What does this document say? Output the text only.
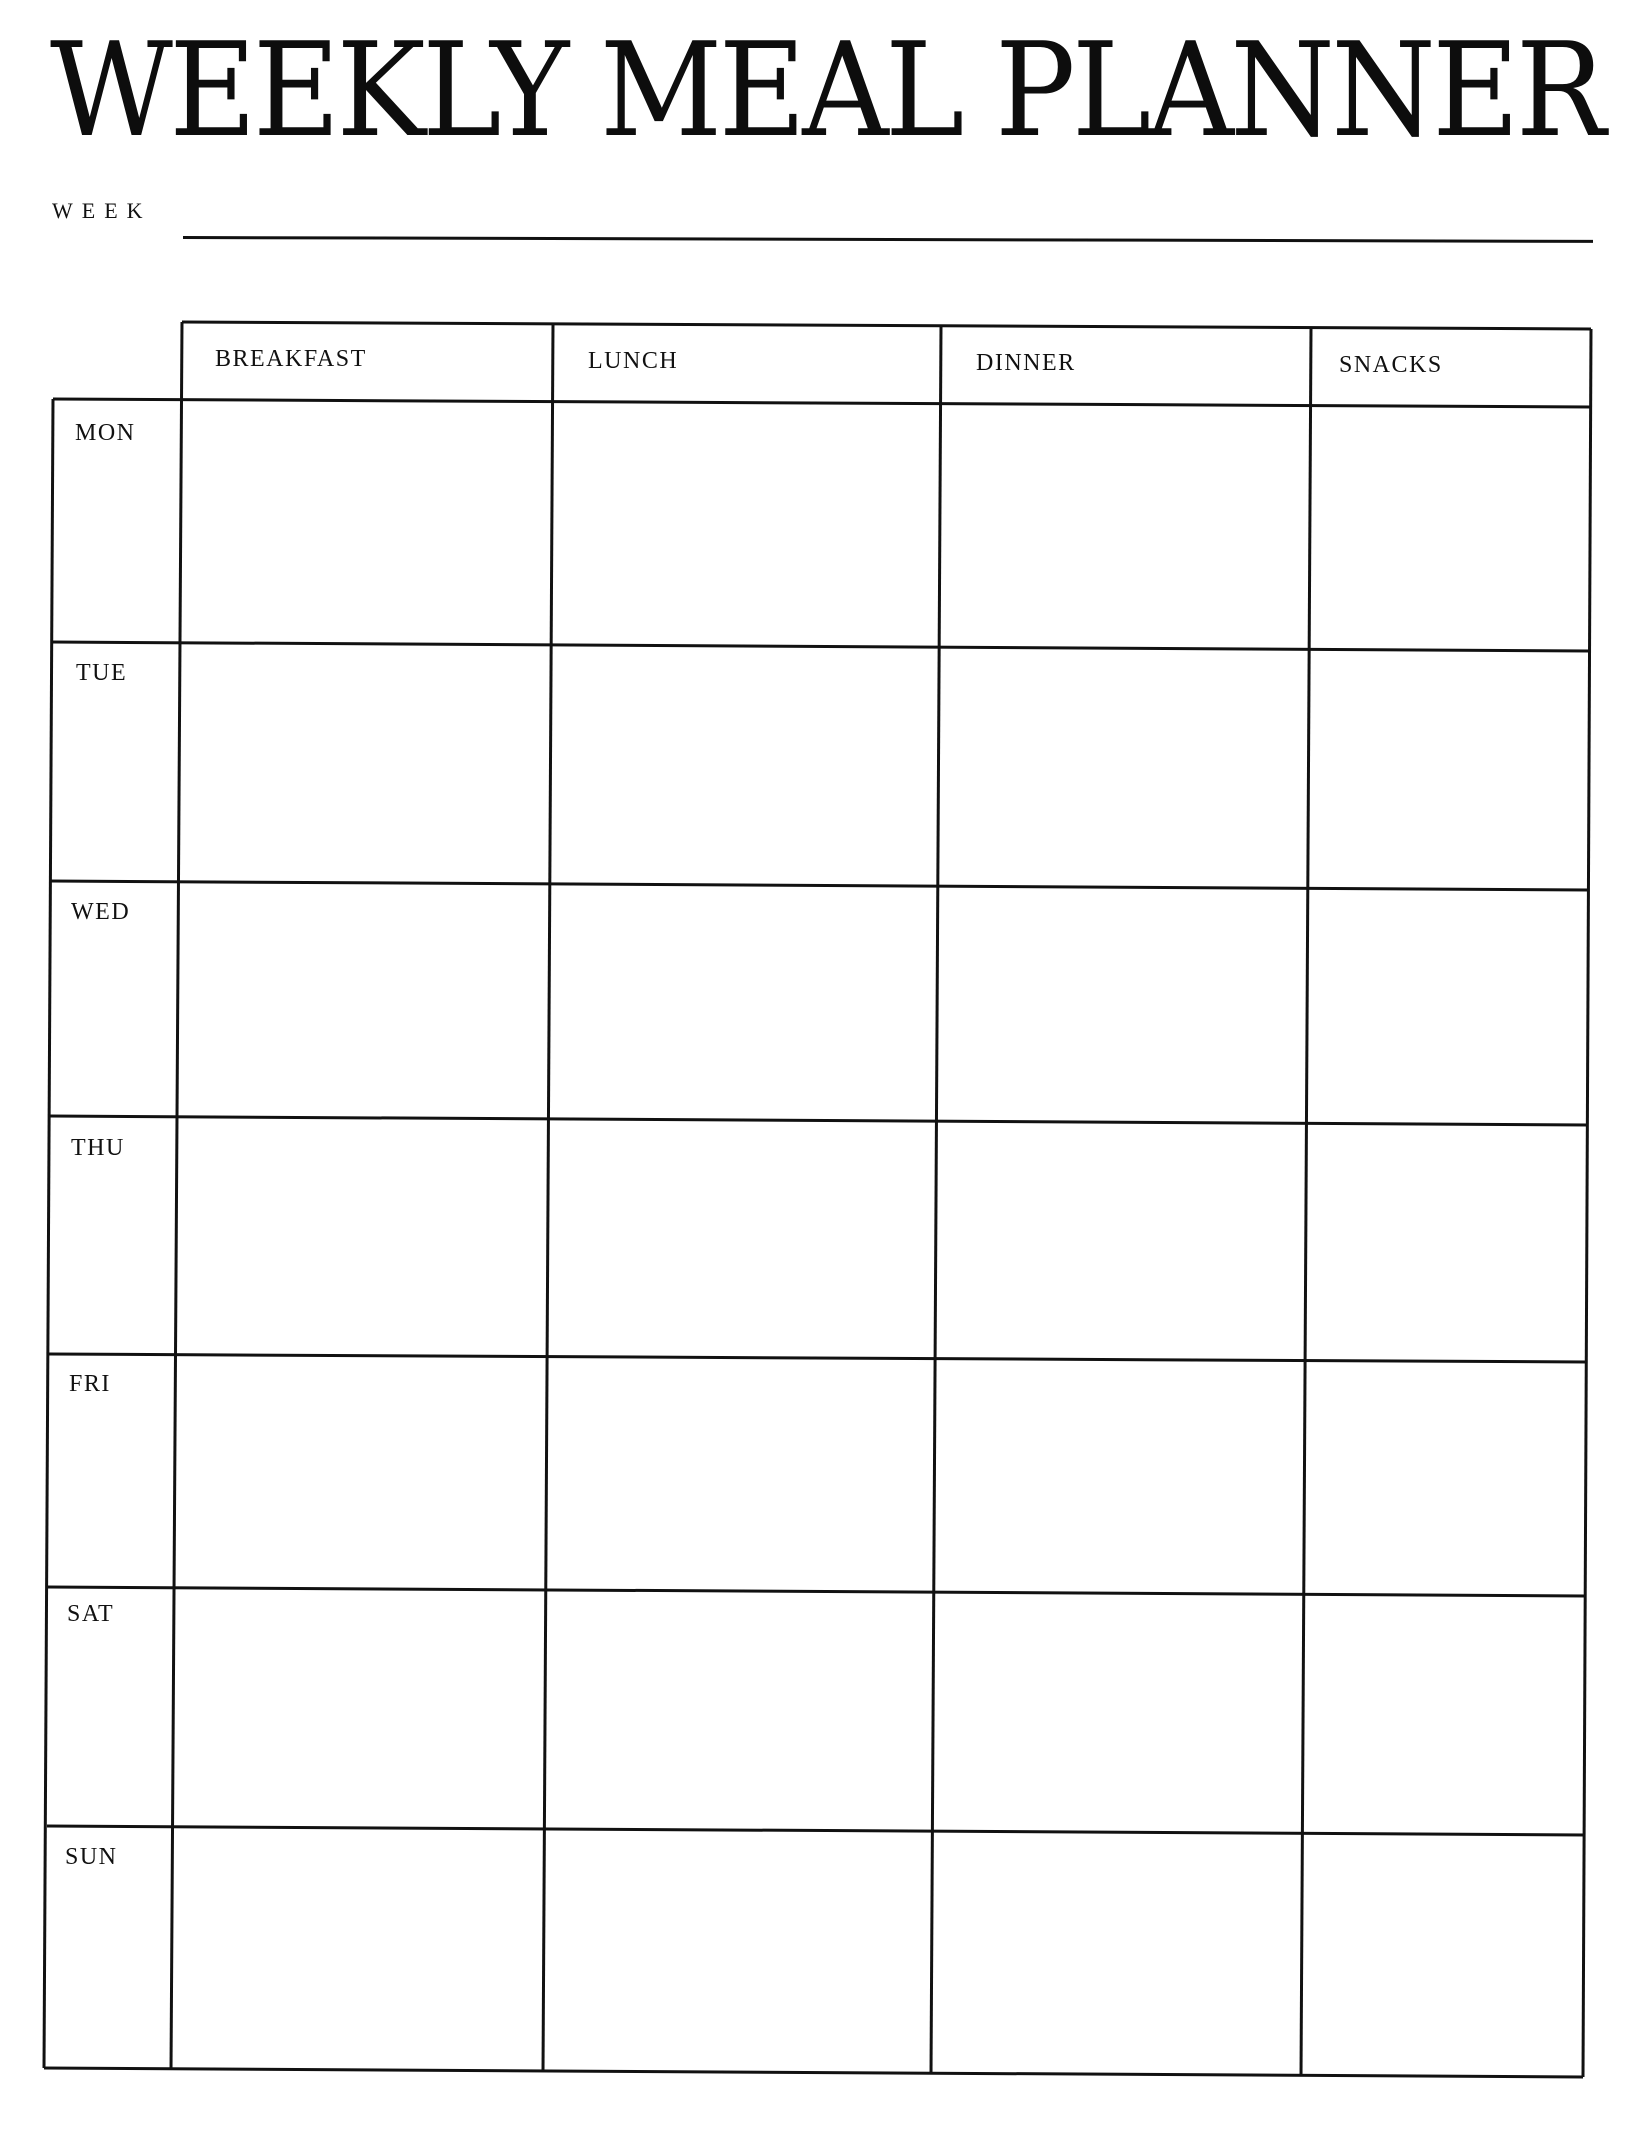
WEEKLY MEAL PLANNER
WEEK
BREAKFAST	LUNCH	DINNER	SNACKS
MON
TUE
WED
THU
FRI
SAT
SUN
